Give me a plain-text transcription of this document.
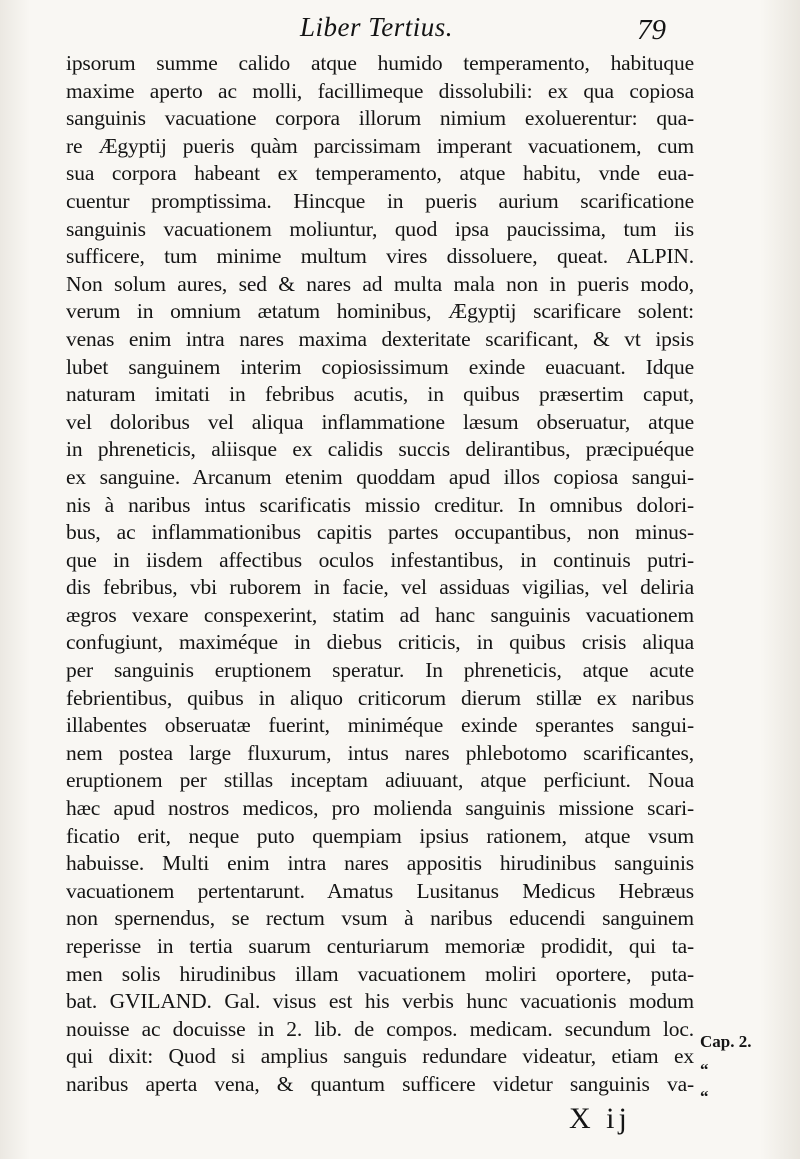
Liber Tertius.	79
ipsorum summe calido atque humido temperamento, habituque
maxime aperto ac molli, facillimeque dissolubili: ex qua copiosa
sanguinis vacuatione corpora illorum nimium exoluerentur: qua-
re Ægyptij pueris quàm parcissimam imperant vacuationem, cum
sua corpora habeant ex temperamento, atque habitu, vnde eua-
cuentur promptissima. Hincque in pueris aurium scarificatione
sanguinis vacuationem moliuntur, quod ipsa paucissima, tum iis
sufficere, tum minime multum vires dissoluere, queat. ALPIN.
Non solum aures, sed & nares ad multa mala non in pueris modo,
verum in omnium ætatum hominibus, Ægyptij scarificare solent:
venas enim intra nares maxima dexteritate scarificant, & vt ipsis
lubet sanguinem interim copiosissimum exinde euacuant. Idque
naturam imitati in febribus acutis, in quibus præsertim caput,
vel doloribus vel aliqua inflammatione læsum obseruatur, atque
in phreneticis, aliisque ex calidis succis delirantibus, præcipuéque
ex sanguine. Arcanum etenim quoddam apud illos copiosa sangui-
nis à naribus intus scarificatis missio creditur. In omnibus dolori-
bus, ac inflammationibus capitis partes occupantibus, non minus-
que in iisdem affectibus oculos infestantibus, in continuis putri-
dis febribus, vbi ruborem in facie, vel assiduas vigilias, vel deliria
ægros vexare conspexerint, statim ad hanc sanguinis vacuationem
confugiunt, maximéque in diebus criticis, in quibus crisis aliqua
per sanguinis eruptionem speratur. In phreneticis, atque acute
febrientibus, quibus in aliquo criticorum dierum stillæ ex naribus
illabentes obseruatæ fuerint, miniméque exinde sperantes sangui-
nem postea large fluxurum, intus nares phlebotomo scarificantes,
eruptionem per stillas inceptam adiuuant, atque perficiunt. Noua
hæc apud nostros medicos, pro molienda sanguinis missione scari-
ficatio erit, neque puto quempiam ipsius rationem, atque vsum
habuisse. Multi enim intra nares appositis hirudinibus sanguinis
vacuationem pertentarunt. Amatus Lusitanus Medicus Hebræus
non spernendus, se rectum vsum à naribus educendi sanguinem
reperisse in tertia suarum centuriarum memoriæ prodidit, qui ta-
men solis hirudinibus illam vacuationem moliri oportere, puta-
bat. GVILAND. Gal. visus est his verbis hunc vacuationis modum
nouisse ac docuisse in 2. lib. de compos. medicam. secundum loc.
qui dixit: Quod si amplius sanguis redundare videatur, etiam ex
naribus aperta vena, & quantum sufficere videtur sanguinis va-
Cap. 2.
“
“
X ij
